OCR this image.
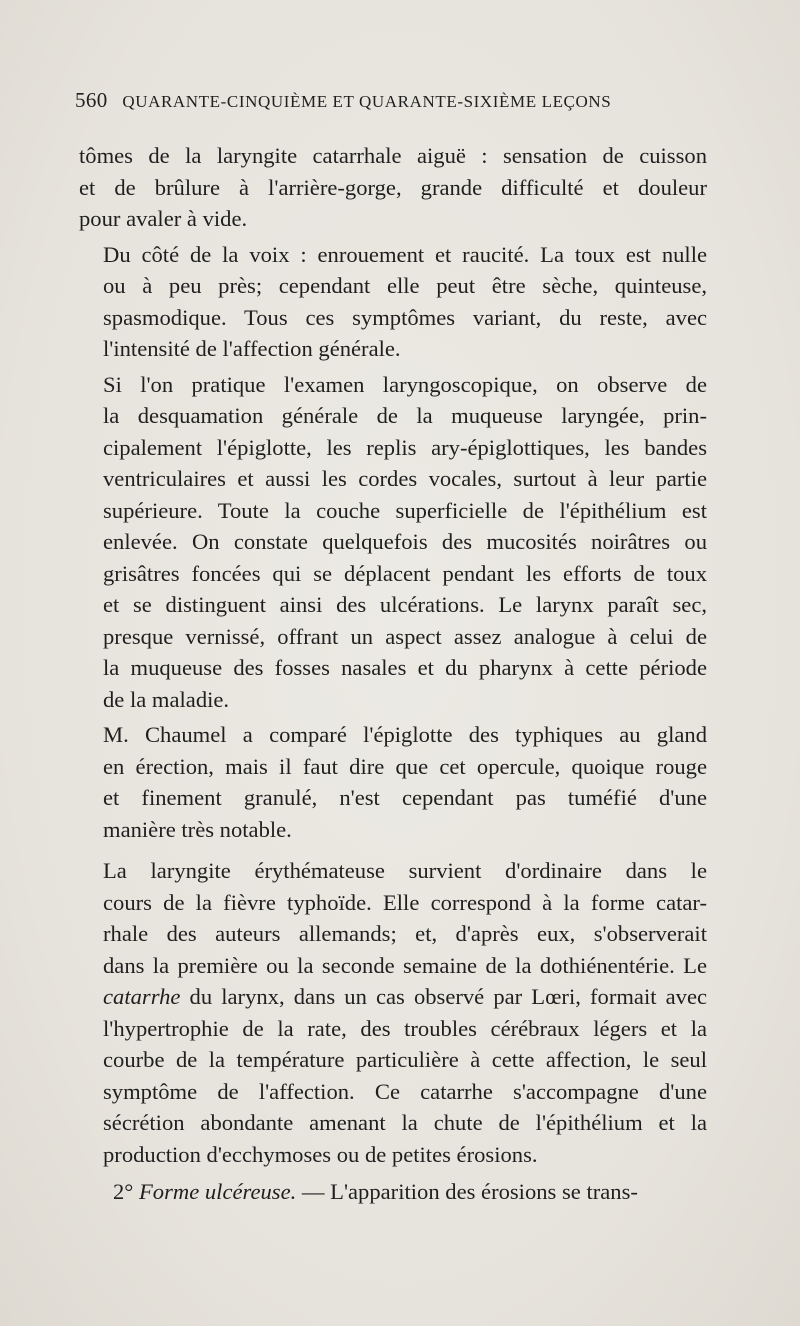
560 QUARANTE-CINQUIÈME ET QUARANTE-SIXIÈME LEÇONS

tômes de la laryngite catarrhale aiguë : sensation de cuisson
et de brûlure à l'arrière-gorge, grande difficulté et douleur
pour avaler à vide.

Du côté de la voix : enrouement et raucité. La toux est nulle
ou à peu près; cependant elle peut être sèche, quinteuse,
spasmodique. Tous ces symptômes variant, du reste, avec
l'intensité de l'affection générale.

Si l'on pratique l'examen laryngoscopique, on observe de
la desquamation générale de la muqueuse laryngée, prin-
cipalement l'épiglotte, les replis ary-épiglottiques, les bandes
ventriculaires et aussi les cordes vocales, surtout à leur partie
supérieure. Toute la couche superficielle de l'épithélium est
enlevée. On constate quelquefois des mucosités noirâtres ou
grisâtres foncées qui se déplacent pendant les efforts de toux
et se distinguent ainsi des ulcérations. Le larynx paraît sec,
presque vernissé, offrant un aspect assez analogue à celui de
la muqueuse des fosses nasales et du pharynx à cette période
de la maladie.

M. Chaumel a comparé l'épiglotte des typhiques au gland
en érection, mais il faut dire que cet opercule, quoique rouge
et finement granulé, n'est cependant pas tuméfié d'une
manière très notable.

La laryngite érythémateuse survient d'ordinaire dans le
cours de la fièvre typhoïde. Elle correspond à la forme catar-
rhale des auteurs allemands; et, d'après eux, s'observerait
dans la première ou la seconde semaine de la dothiénentérie. Le
catarrhe du larynx, dans un cas observé par Lœri, formait avec
l'hypertrophie de la rate, des troubles cérébraux légers et la
courbe de la température particulière à cette affection, le seul
symptôme de l'affection. Ce catarrhe s'accompagne d'une
sécrétion abondante amenant la chute de l'épithélium et la
production d'ecchymoses ou de petites érosions.

2° Forme ulcéreuse. — L'apparition des érosions se trans-
